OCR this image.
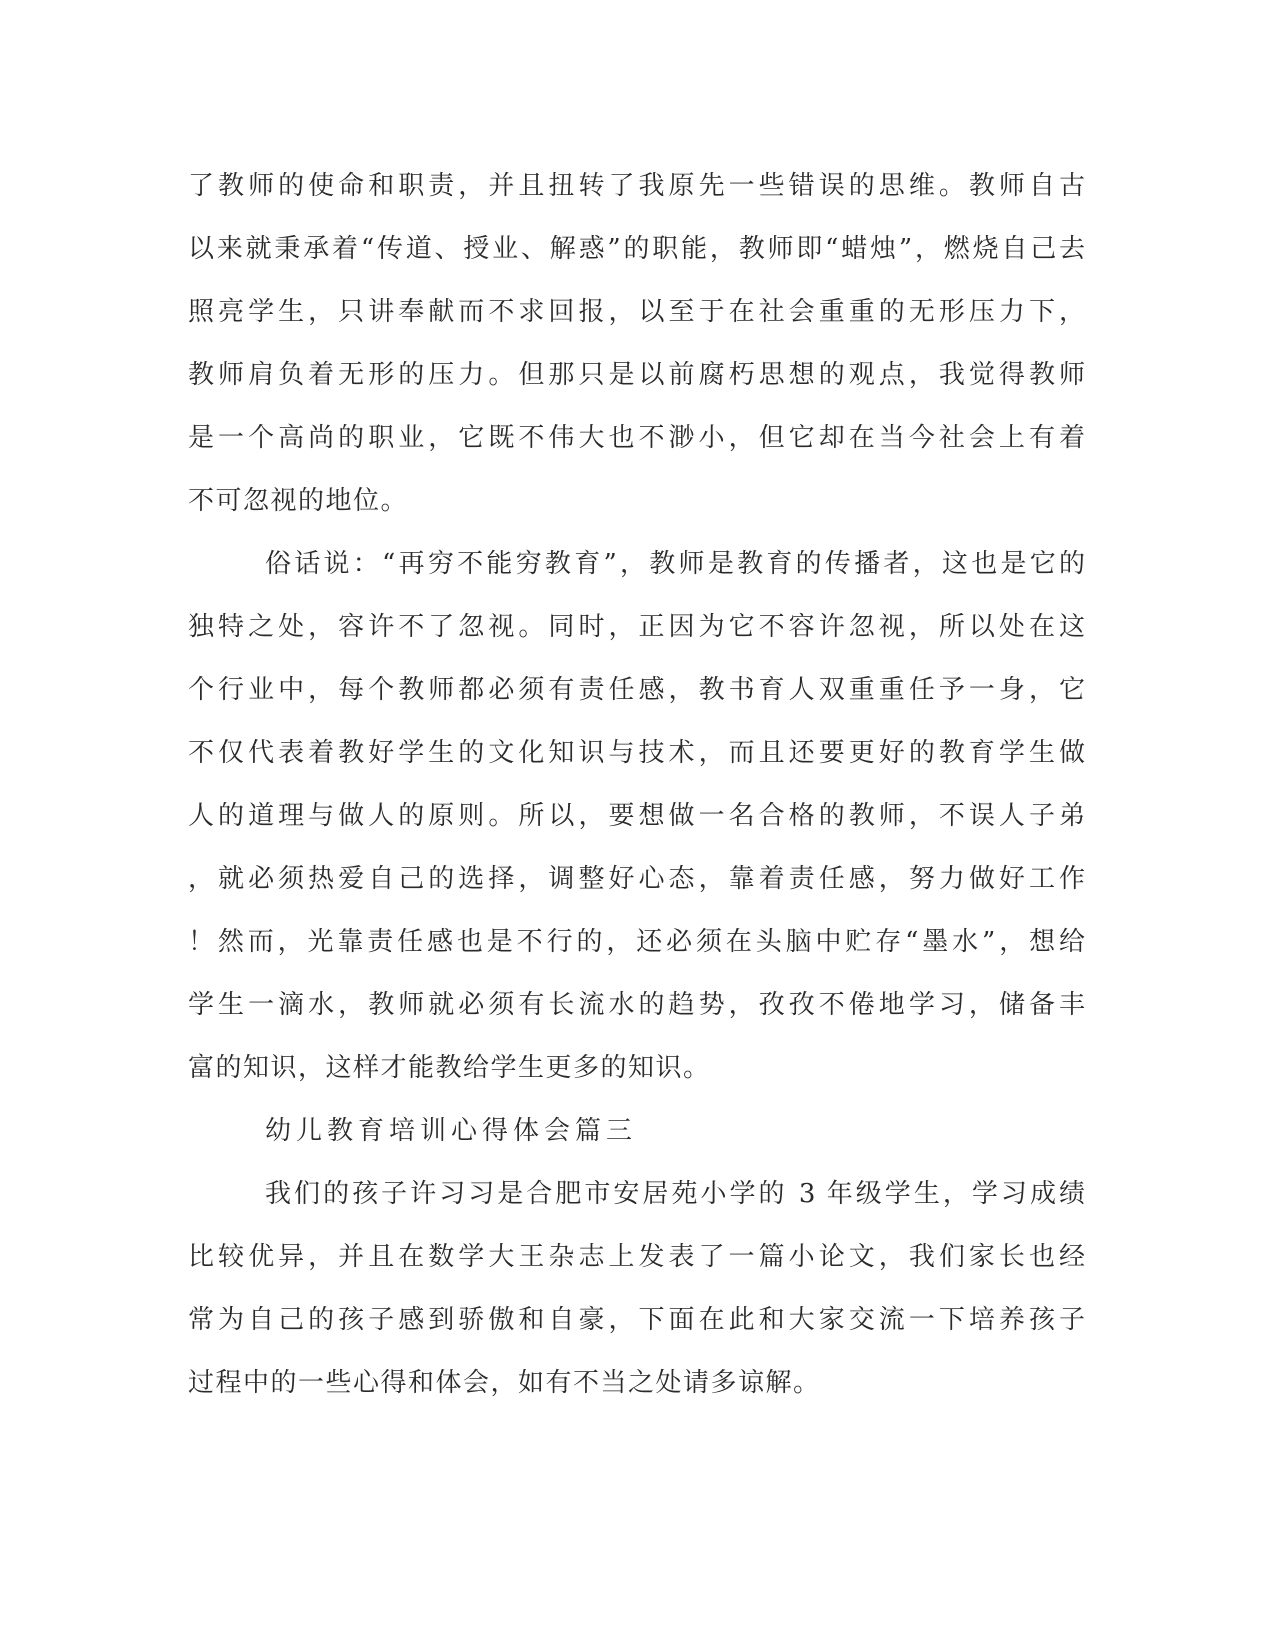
了教师的使命和职责，并且扭转了我原先一些错误的思维。教师自古
以来就秉承着“传道、授业、解惑”的职能，教师即“蜡烛”，燃烧自己去
照亮学生，只讲奉献而不求回报，以至于在社会重重的无形压力下，
教师肩负着无形的压力。但那只是以前腐朽思想的观点，我觉得教师
是一个高尚的职业，它既不伟大也不渺小，但它却在当今社会上有着
不可忽视的地位。
俗话说：“再穷不能穷教育”，教师是教育的传播者，这也是它的
独特之处，容许不了忽视。同时，正因为它不容许忽视，所以处在这
个行业中，每个教师都必须有责任感，教书育人双重重任予一身，它
不仅代表着教好学生的文化知识与技术，而且还要更好的教育学生做
人的道理与做人的原则。所以，要想做一名合格的教师，不误人子弟
，就必须热爱自己的选择，调整好心态，靠着责任感，努力做好工作
！然而，光靠责任感也是不行的，还必须在头脑中贮存“墨水”，想给
学生一滴水，教师就必须有长流水的趋势，孜孜不倦地学习，储备丰
富的知识，这样才能教给学生更多的知识。
幼儿教育培训心得体会篇三
我们的孩子许习习是合肥市安居苑小学的 3 年级学生，学习成绩
比较优异，并且在数学大王杂志上发表了一篇小论文，我们家长也经
常为自己的孩子感到骄傲和自豪，下面在此和大家交流一下培养孩子
过程中的一些心得和体会，如有不当之处请多谅解。
